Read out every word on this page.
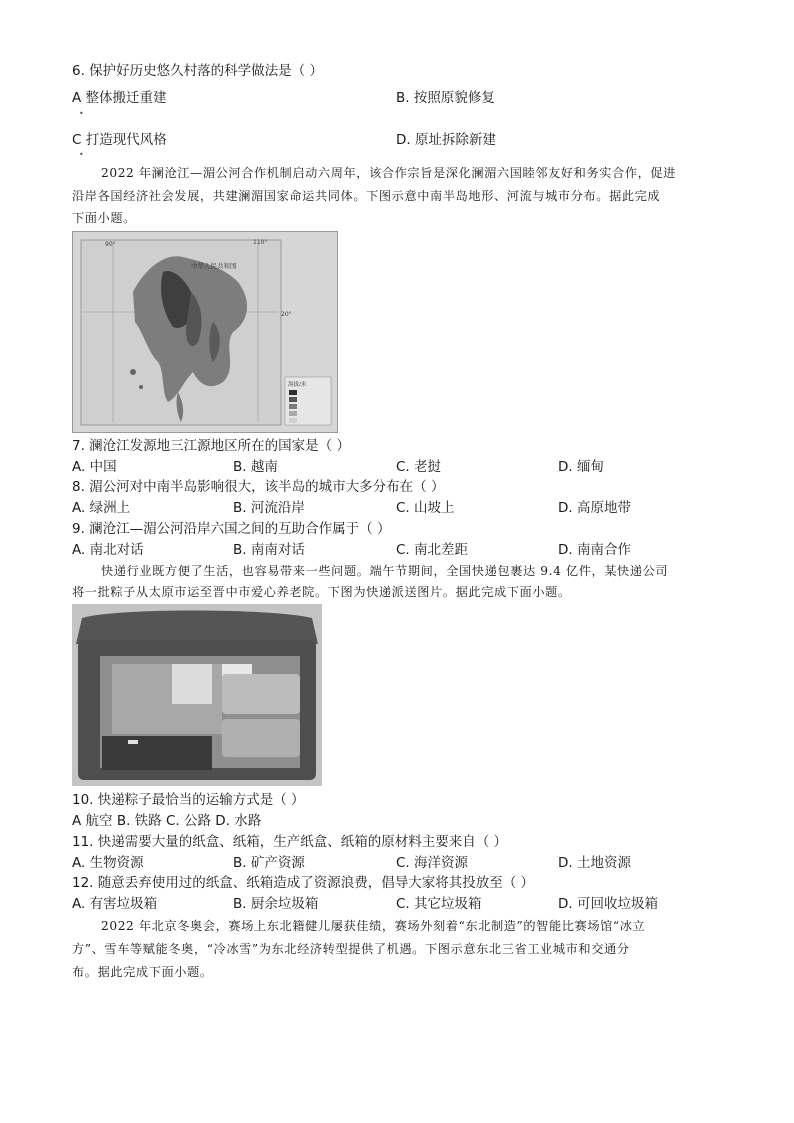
6. 保护好历史悠久村落的科学做法是（ ）
A 整体搬迁重建	B. 按照原貌修复
•
C 打造现代风格	D. 原址拆除新建
•
2022 年澜沧江—湄公河合作机制启动六周年，该合作宗旨是深化澜湄六国睦邻友好和务实合作，促进
沿岸各国经济社会发展，共建澜湄国家命运共同体。下图示意中南半岛地形、河流与城市分布。据此完成
下面小题。
90°	110°
20°
中华人民共和国
海拔/米
7. 澜沧江发源地三江源地区所在的国家是（ ）
A. 中国	B. 越南	C. 老挝	D. 缅甸
8. 湄公河对中南半岛影响很大，该半岛的城市大多分布在（ ）
A. 绿洲上	B. 河流沿岸	C. 山坡上	D. 高原地带
9. 澜沧江—湄公河沿岸六国之间的互助合作属于（ ）
A. 南北对话	B. 南南对话	C. 南北差距	D. 南南合作
快递行业既方便了生活，也容易带来一些问题。端午节期间，全国快递包裹达 9.4 亿件，某快递公司
将一批粽子从太原市运至晋中市爱心养老院。下图为快递派送图片。据此完成下面小题。
10. 快递粽子最恰当的运输方式是（ ）
A 航空 B. 铁路 C. 公路 D. 水路
11. 快递需要大量的纸盒、纸箱，生产纸盒、纸箱的原材料主要来自（ ）
A. 生物资源	B. 矿产资源	C. 海洋资源	D. 土地资源
12. 随意丢弃使用过的纸盒、纸箱造成了资源浪费，倡导大家将其投放至（ ）
A. 有害垃圾箱	B. 厨余垃圾箱	C. 其它垃圾箱	D. 可回收垃圾箱
2022 年北京冬奥会，赛场上东北籍健儿屡获佳绩，赛场外刻着“东北制造”的智能比赛场馆“冰立
方”、雪车等赋能冬奥，“冷冰雪”为东北经济转型提供了机遇。下图示意东北三省工业城市和交通分
布。据此完成下面小题。
